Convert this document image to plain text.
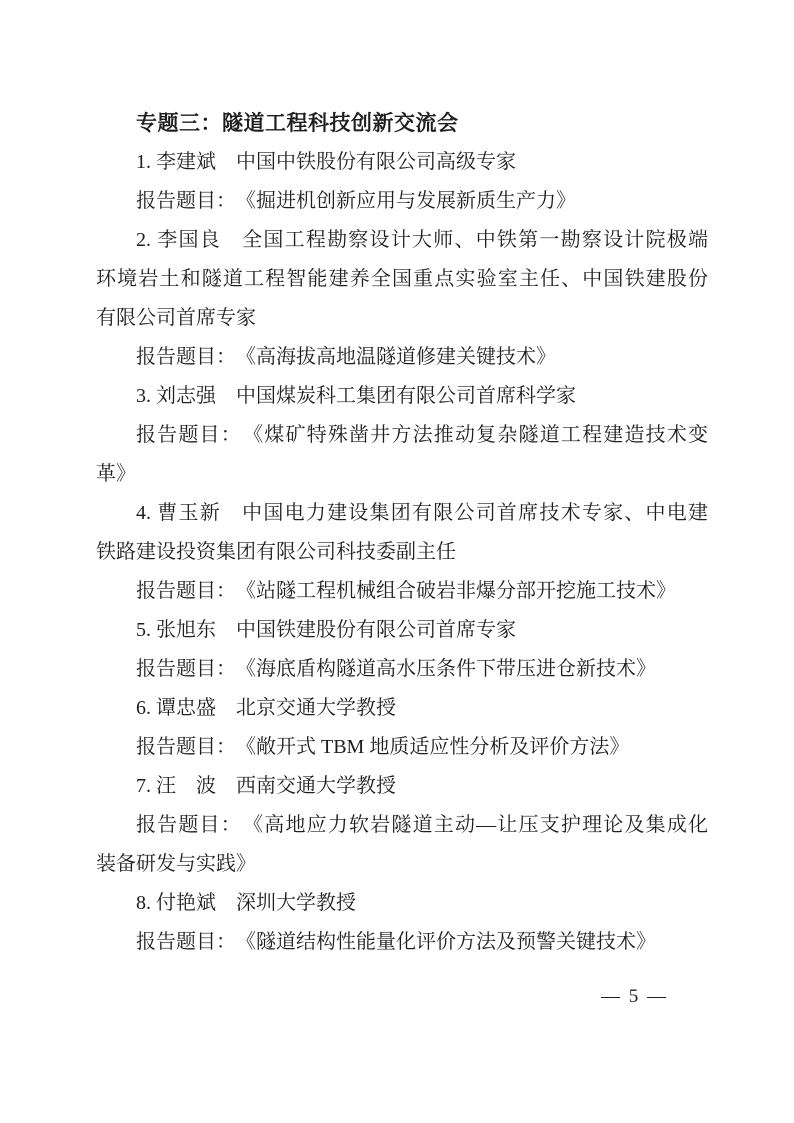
专题三：隧道工程科技创新交流会
1. 李建斌　中国中铁股份有限公司高级专家
报告题目：　《掘进机创新应用与发展新质生产力》
2. 李国良　全国工程勘察设计大师、中铁第一勘察设计院极端
环境岩土和隧道工程智能建养全国重点实验室主任、中国铁建股份
有限公司首席专家
报告题目：　《高海拔高地温隧道修建关键技术》
3. 刘志强　中国煤炭科工集团有限公司首席科学家
报告题目：　《煤矿特殊凿井方法推动复杂隧道工程建造技术变
革》
4. 曹玉新　中国电力建设集团有限公司首席技术专家、中电建
铁路建设投资集团有限公司科技委副主任
报告题目：　《站隧工程机械组合破岩非爆分部开挖施工技术》
5. 张旭东　中国铁建股份有限公司首席专家
报告题目：　《海底盾构隧道高水压条件下带压进仓新技术》
6. 谭忠盛　北京交通大学教授
报告题目：　《敞开式 TBM 地质适应性分析及评价方法》
7. 汪　波　西南交通大学教授
报告题目：　《高地应力软岩隧道主动—让压支护理论及集成化
装备研发与实践》
8. 付艳斌　深圳大学教授
报告题目：　《隧道结构性能量化评价方法及预警关键技术》
— 5 —
